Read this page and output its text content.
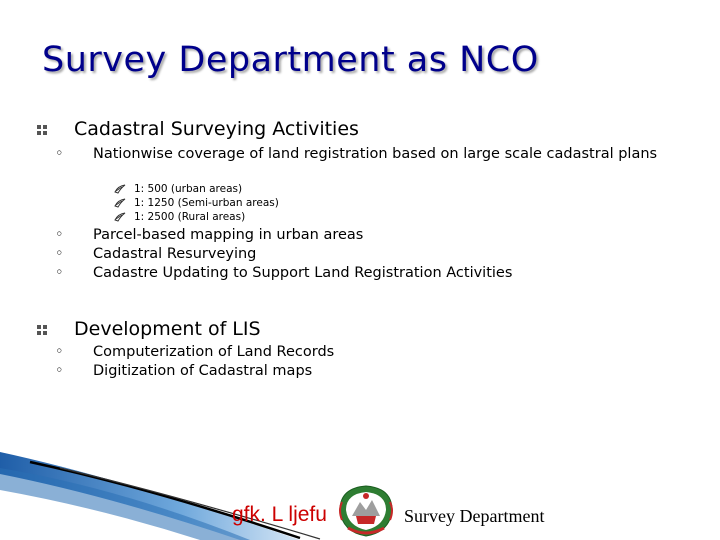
Survey Department as NCO
Cadastral Surveying Activities
◦ Nationwise coverage of land registration based on large scale cadastral plans
1: 500 (urban areas)
1: 1250 (Semi-urban areas)
1: 2500 (Rural areas)
◦ Parcel-based mapping in urban areas
◦ Cadastral Resurveying
◦ Cadastre Updating to Support Land Registration Activities
Development of LIS
◦ Computerization of Land Records
◦ Digitization of Cadastral maps
gfk. L ljefu	Survey Department
